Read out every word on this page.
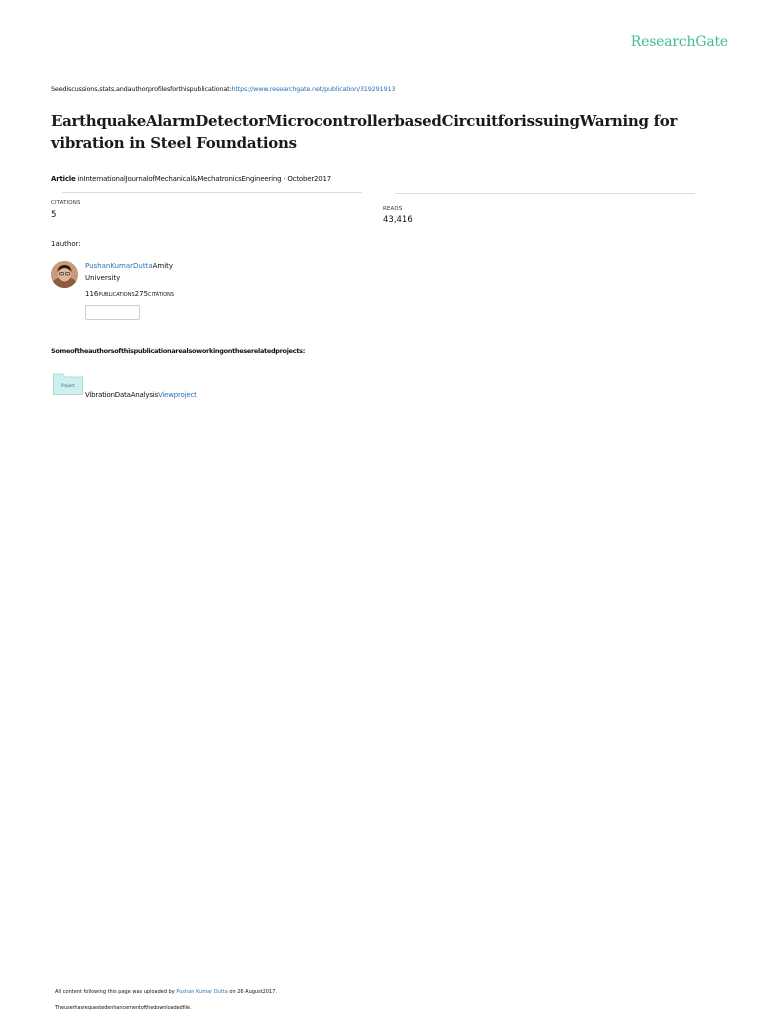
ResearchGate
Seediscussions,stats,andauthorprofilesforthispublicationat:https://www.researchgate.net/publication/319291913
EarthquakeAlarmDetectorMicrocontrollerbasedCircuitforissuingWarning for vibration in Steel Foundations
Article inInternationalJournalofMechanical&MechatronicsEngineering · October2017
CITATIONS
5
READS
43,416
1author:
PushanKumarDuttaAmity
University
116PUBLICATIONS275CITATIONS
Someoftheauthorsofthispublicationarealsoworkingontheserelatedprojects:
Project
VibrationDataAnalysisViewproject
All content following this page was uploaded by Pushan Kumar Dutta on 26 August2017.
Theuserhasrequestedenhancementofthedownloadedfile.
